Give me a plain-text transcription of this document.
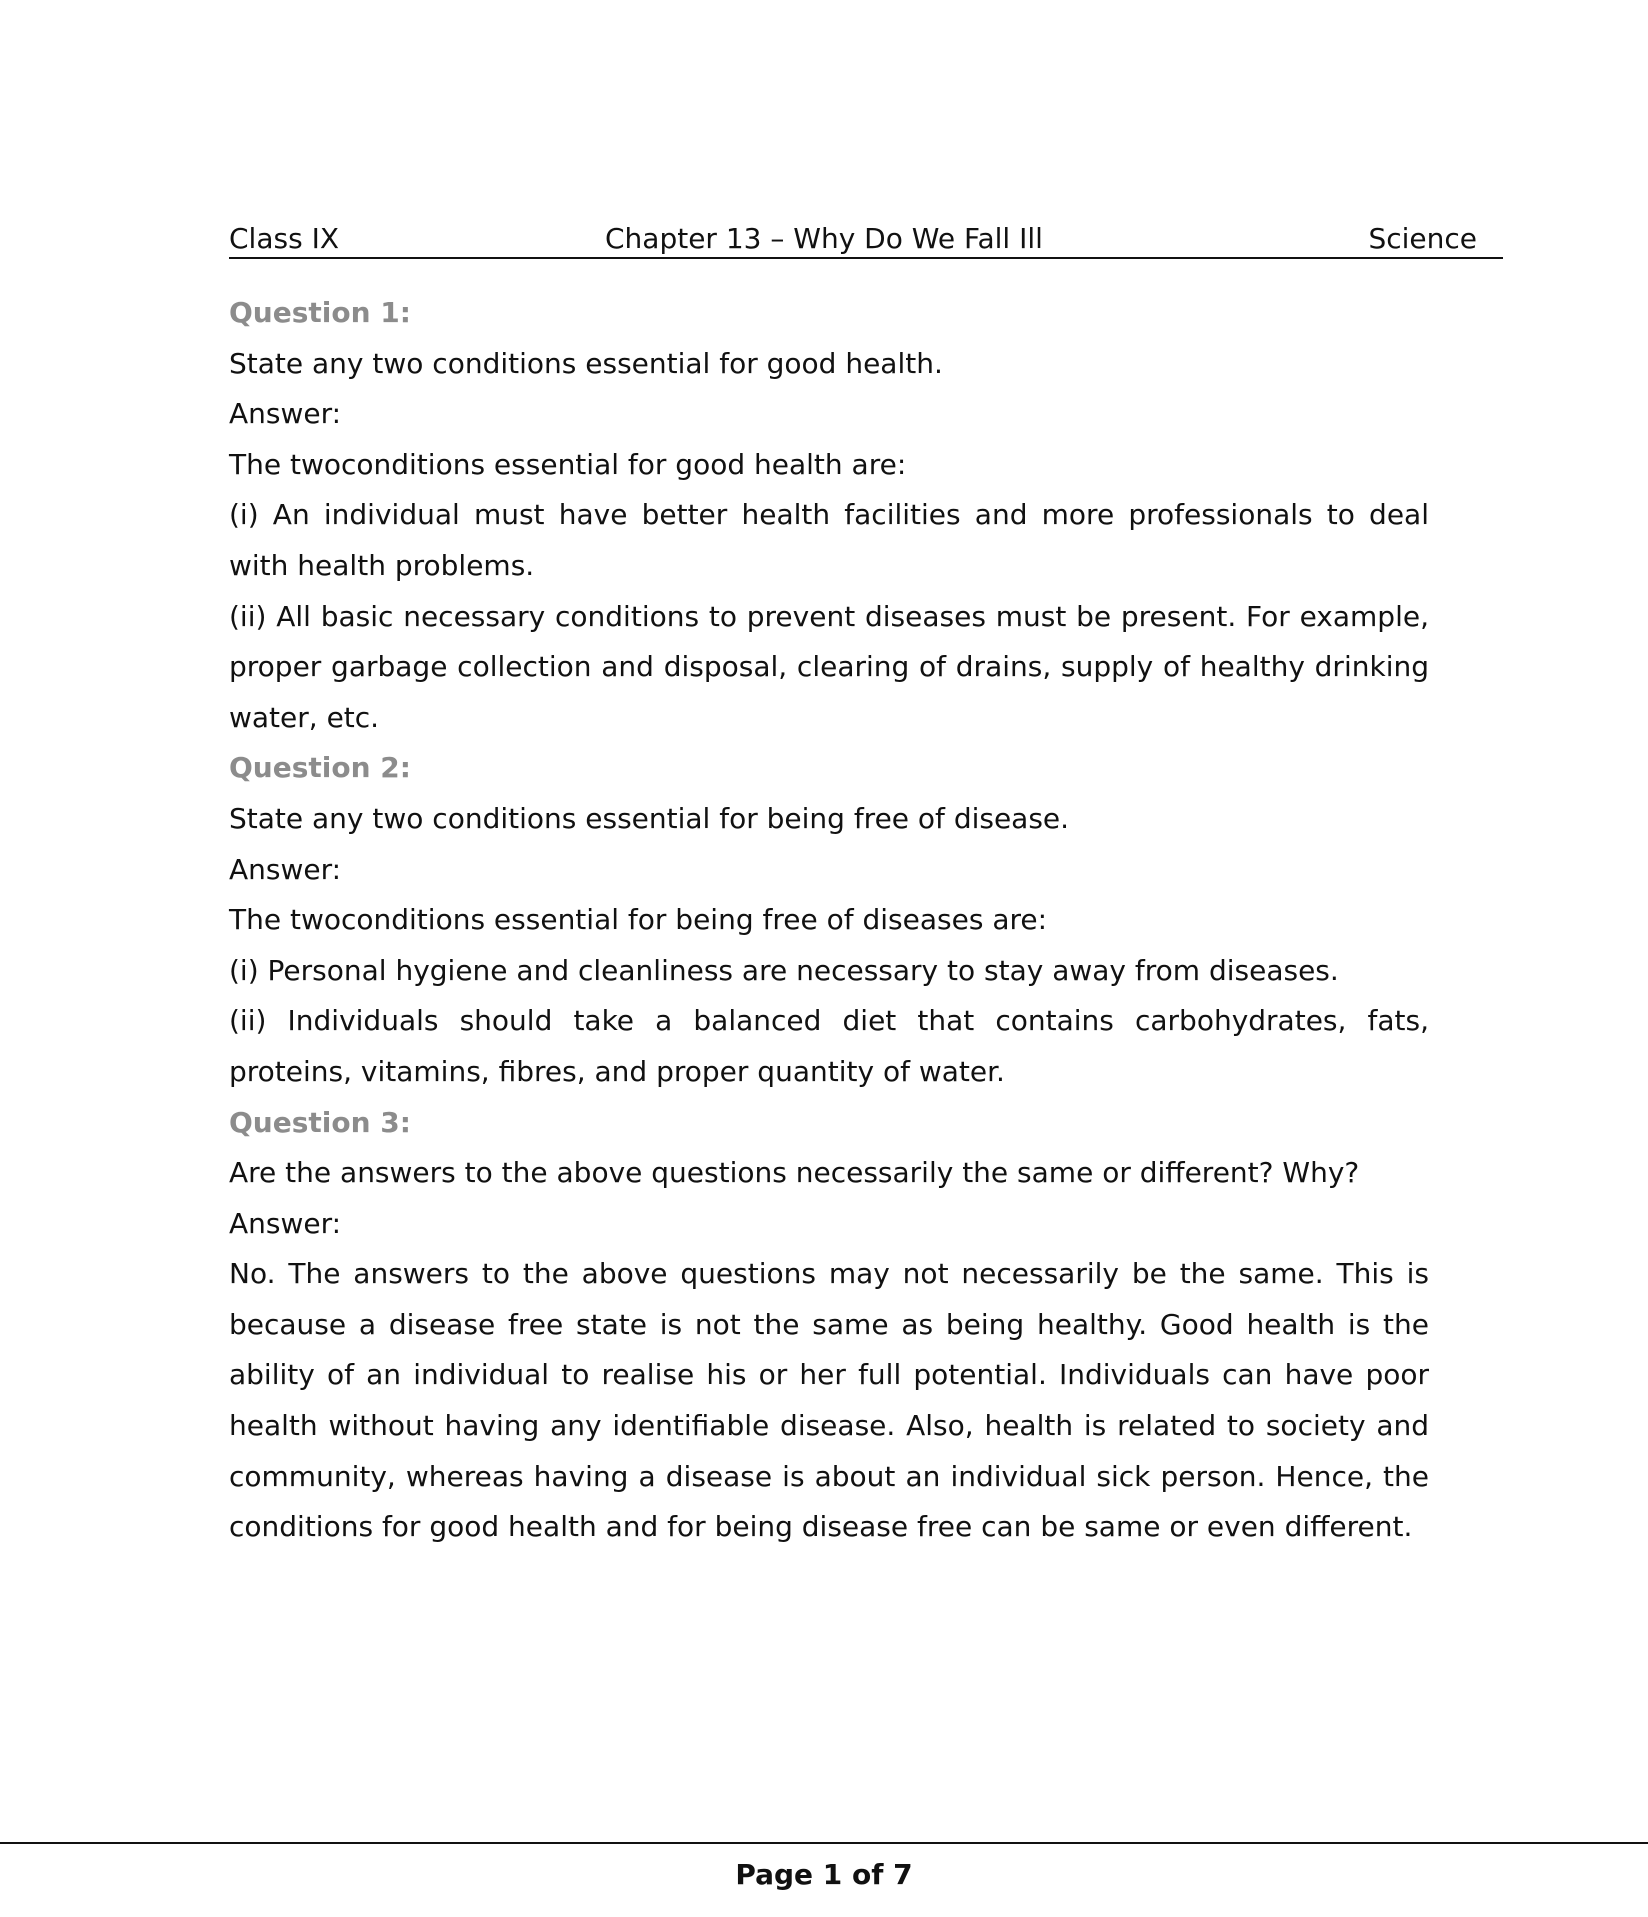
Class IX	Chapter 13 – Why Do We Fall Ill	Science

Question 1:

State any two conditions essential for good health.

Answer:

The twoconditions essential for good health are:

(i) An individual must have better health facilities and more professionals to deal with health problems.

(ii) All basic necessary conditions to prevent diseases must be present. For example, proper garbage collection and disposal, clearing of drains, supply of healthy drinking water, etc.

Question 2:

State any two conditions essential for being free of disease.

Answer:

The twoconditions essential for being free of diseases are:

(i) Personal hygiene and cleanliness are necessary to stay away from diseases.

(ii) Individuals should take a balanced diet that contains carbohydrates, fats, proteins, vitamins, fibres, and proper quantity of water.

Question 3:

Are the answers to the above questions necessarily the same or different? Why?

Answer:

No. The answers to the above questions may not necessarily be the same. This is because a disease free state is not the same as being healthy. Good health is the ability of an individual to realise his or her full potential. Individuals can have poor health without having any identifiable disease. Also, health is related to society and community, whereas having a disease is about an individual sick person. Hence, the conditions for good health and for being disease free can be same or even different.

Page 1 of 7
